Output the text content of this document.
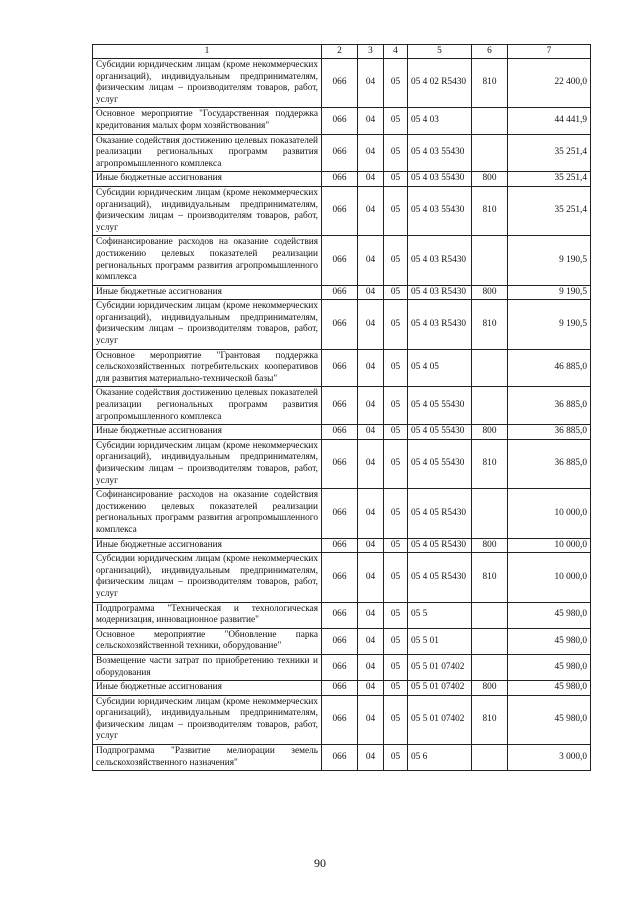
1	2	3	4	5	6	7
Субсидии юридическим лицам (кроме некоммерческих организаций), индивидуальным предпринимателям, физическим лицам – производителям товаров, работ, услуг	066	04	05	05 4 02 R5430	810	22 400,0
Основное мероприятие "Государственная поддержка кредитования малых форм хозяйствования"	066	04	05	05 4 03		44 441,9
Оказание содействия достижению целевых показателей реализации региональных программ развития агропромышленного комплекса	066	04	05	05 4 03 55430		35 251,4
Иные бюджетные ассигнования	066	04	05	05 4 03 55430	800	35 251,4
Субсидии юридическим лицам (кроме некоммерческих организаций), индивидуальным предпринимателям, физическим лицам – производителям товаров, работ, услуг	066	04	05	05 4 03 55430	810	35 251,4
Софинансирование расходов на оказание содействия достижению целевых показателей реализации региональных программ развития агропромышленного комплекса	066	04	05	05 4 03 R5430		9 190,5
Иные бюджетные ассигнования	066	04	05	05 4 03 R5430	800	9 190,5
Субсидии юридическим лицам (кроме некоммерческих организаций), индивидуальным предпринимателям, физическим лицам – производителям товаров, работ, услуг	066	04	05	05 4 03 R5430	810	9 190,5
Основное мероприятие "Грантовая поддержка сельскохозяйственных потребительских кооперативов для развития материально-технической базы"	066	04	05	05 4 05		46 885,0
Оказание содействия достижению целевых показателей реализации региональных программ развития агропромышленного комплекса	066	04	05	05 4 05 55430		36 885,0
Иные бюджетные ассигнования	066	04	05	05 4 05 55430	800	36 885,0
Субсидии юридическим лицам (кроме некоммерческих организаций), индивидуальным предпринимателям, физическим лицам – производителям товаров, работ, услуг	066	04	05	05 4 05 55430	810	36 885,0
Софинансирование расходов на оказание содействия достижению целевых показателей реализации региональных программ развития агропромышленного комплекса	066	04	05	05 4 05 R5430		10 000,0
Иные бюджетные ассигнования	066	04	05	05 4 05 R5430	800	10 000,0
Субсидии юридическим лицам (кроме некоммерческих организаций), индивидуальным предпринимателям, физическим лицам – производителям товаров, работ, услуг	066	04	05	05 4 05 R5430	810	10 000,0
Подпрограмма "Техническая и технологическая модернизация, инновационное развитие"	066	04	05	05 5		45 980,0
Основное мероприятие "Обновление парка сельскохозяйственной техники, оборудование"	066	04	05	05 5 01		45 980,0
Возмещение части затрат по приобретению техники и оборудования	066	04	05	05 5 01 07402		45 980,0
Иные бюджетные ассигнования	066	04	05	05 5 01 07402	800	45 980,0
Субсидии юридическим лицам (кроме некоммерческих организаций), индивидуальным предпринимателям, физическим лицам – производителям товаров, работ, услуг	066	04	05	05 5 01 07402	810	45 980,0
Подпрограмма "Развитие мелиорации земель сельскохозяйственного назначения"	066	04	05	05 6		3 000,0
90
